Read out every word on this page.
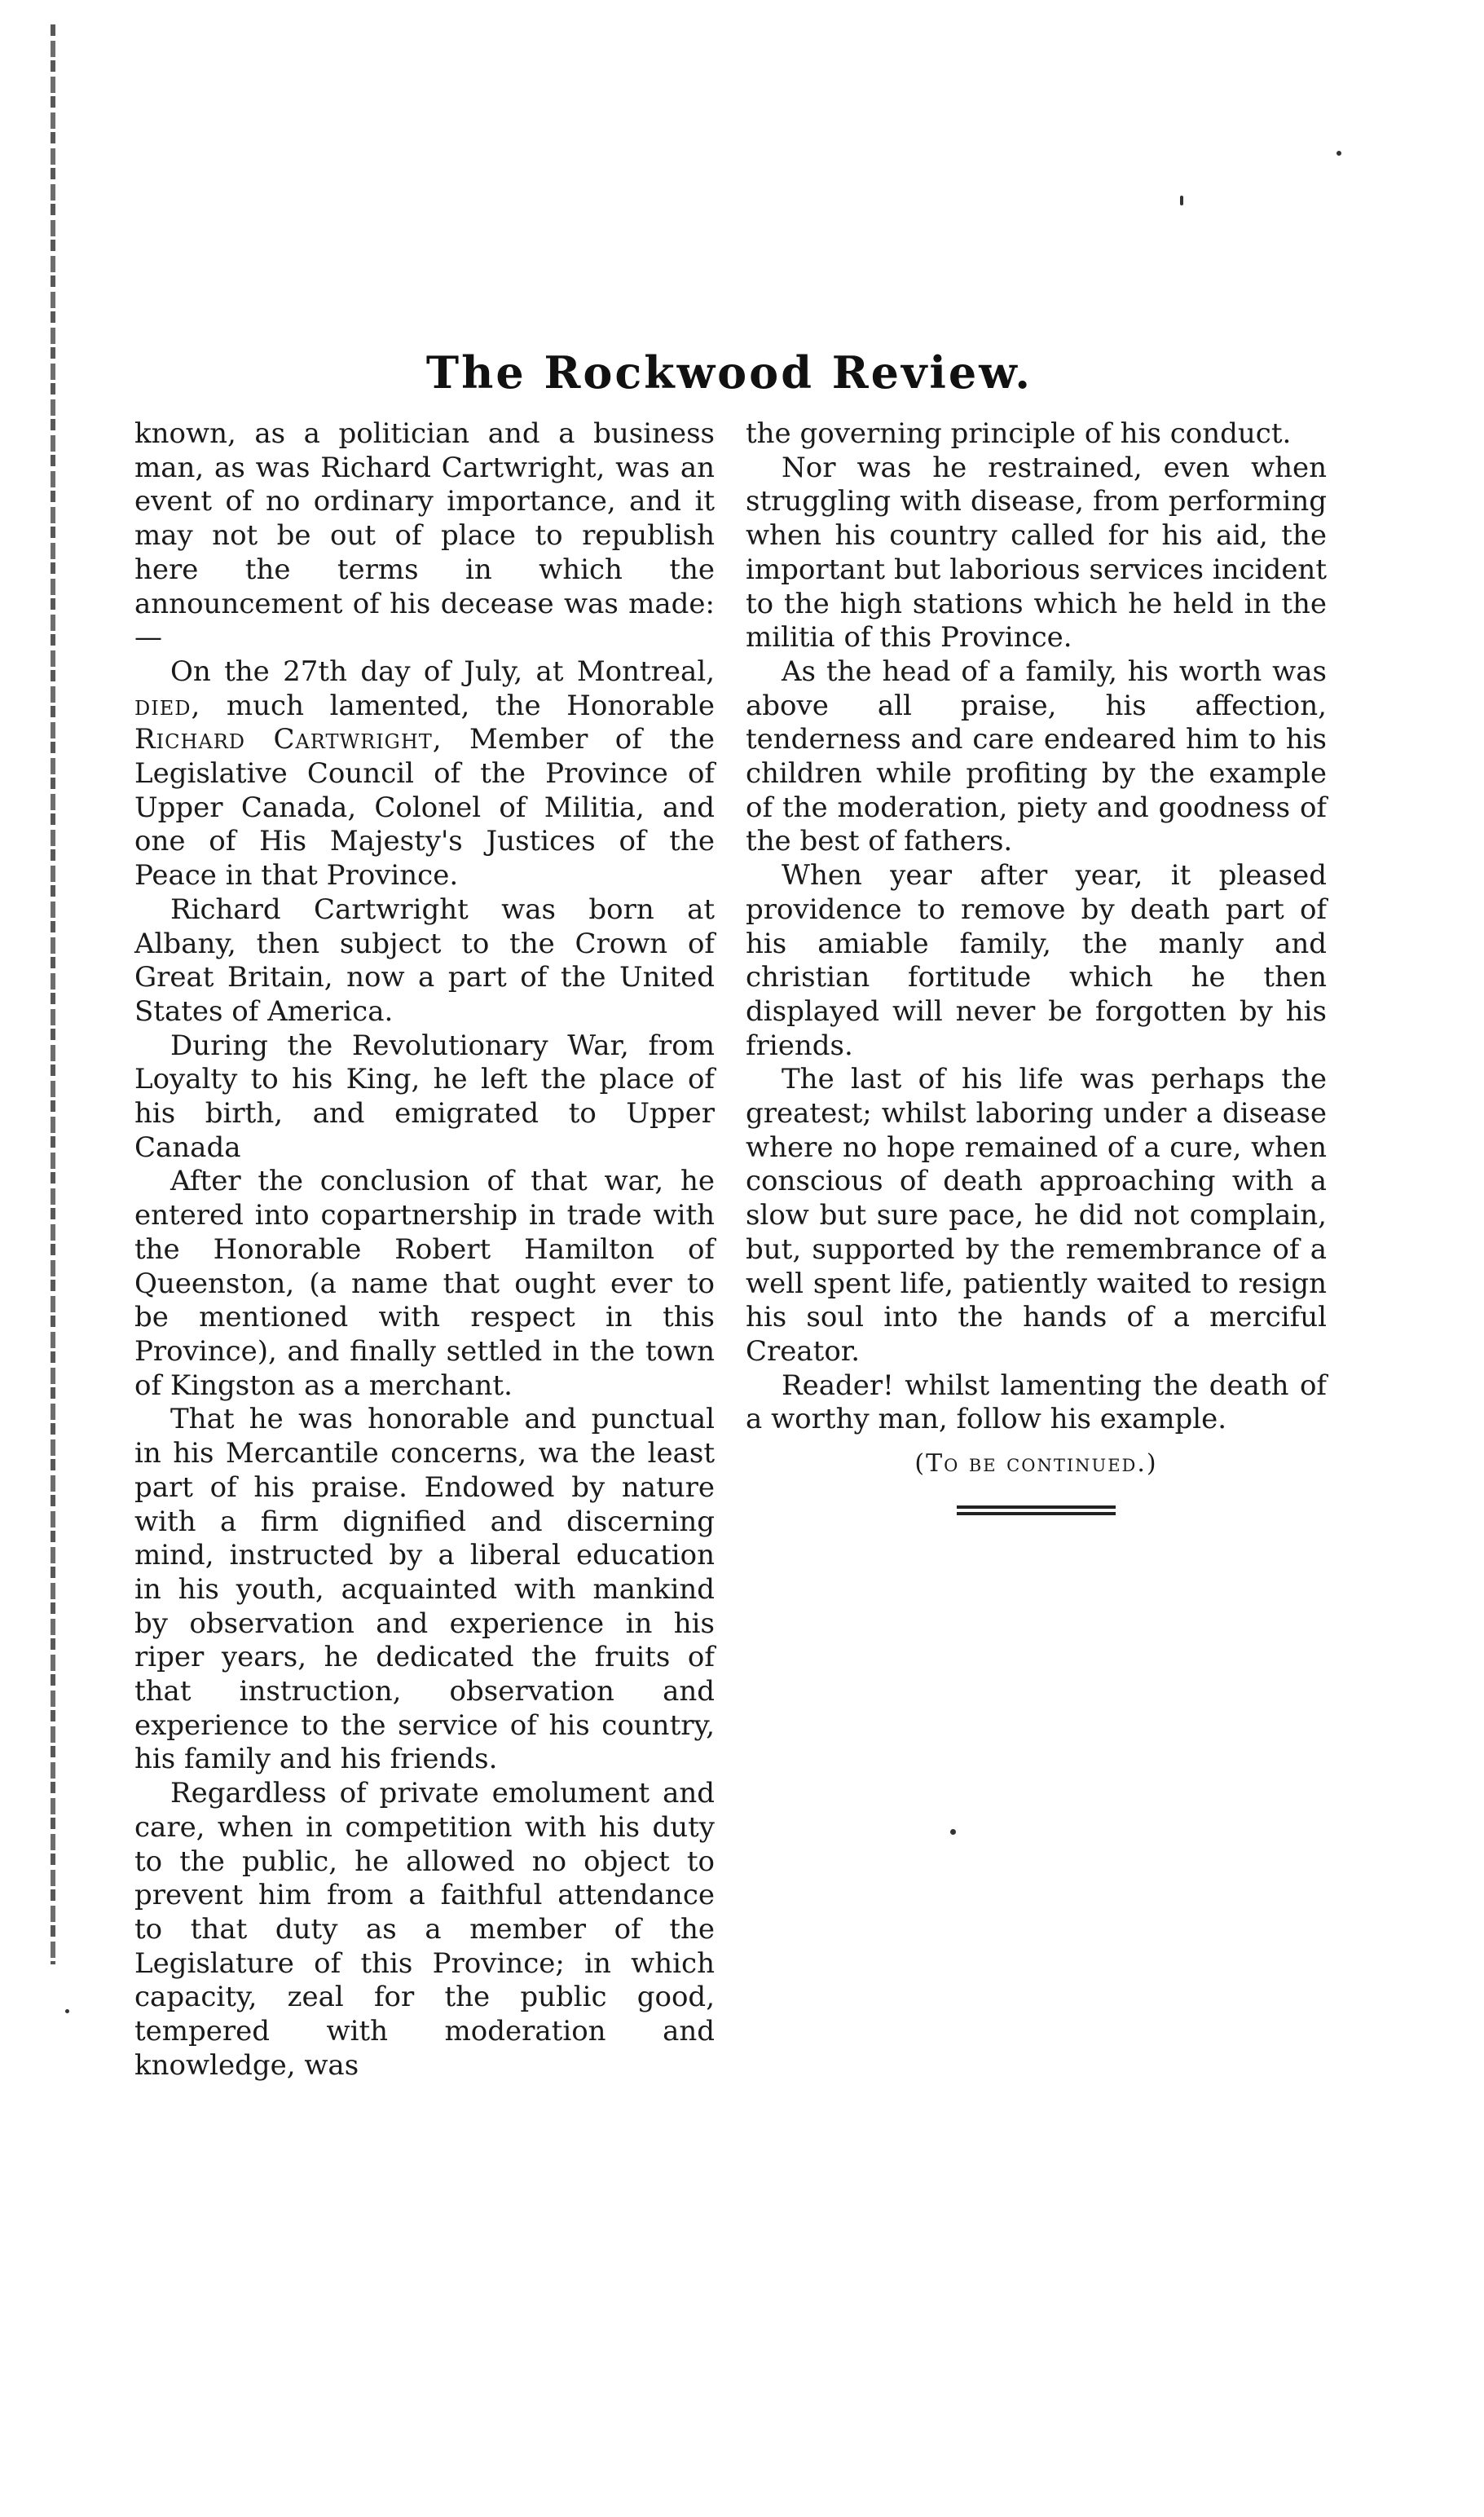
The Rockwood Review.

known, as a politician and a business man, as was Richard Cartwright, was an event of no ordinary importance, and it may not be out of place to republish here the terms in which the announcement of his decease was made:—

On the 27th day of July, at Montreal, died, much lamented, the Honorable Richard Cartwright, Member of the Legislative Council of the Province of Upper Canada, Colonel of Militia, and one of His Majesty's Justices of the Peace in that Province.

Richard Cartwright was born at Albany, then subject to the Crown of Great Britain, now a part of the United States of America.

During the Revolutionary War, from Loyalty to his King, he left the place of his birth, and emigrated to Upper Canada

After the conclusion of that war, he entered into copartnership in trade with the Honorable Robert Hamilton of Queenston, (a name that ought ever to be mentioned with respect in this Province), and finally settled in the town of Kingston as a merchant.

That he was honorable and punctual in his Mercantile concerns, wa the least part of his praise. Endowed by nature with a firm dignified and discerning mind, instructed by a liberal education in his youth, acquainted with mankind by observation and experience in his riper years, he dedicated the fruits of that instruction, observation and experience to the service of his country, his family and his friends.

Regardless of private emolument and care, when in competition with his duty to the public, he allowed no object to prevent him from a faithful attendance to that duty as a member of the Legislature of this Province; in which capacity, zeal for the public good, tempered with moderation and knowledge, was

the governing principle of his conduct.

Nor was he restrained, even when struggling with disease, from performing when his country called for his aid, the important but laborious services incident to the high stations which he held in the militia of this Province.

As the head of a family, his worth was above all praise, his affection, tenderness and care endeared him to his children while profiting by the example of the moderation, piety and goodness of the best of fathers.

When year after year, it pleased providence to remove by death part of his amiable family, the manly and christian fortitude which he then displayed will never be forgotten by his friends.

The last of his life was perhaps the greatest; whilst laboring under a disease where no hope remained of a cure, when conscious of death approaching with a slow but sure pace, he did not complain, but, supported by the remembrance of a well spent life, patiently waited to resign his soul into the hands of a merciful Creator.

Reader! whilst lamenting the death of a worthy man, follow his example.

(To be continued.)
